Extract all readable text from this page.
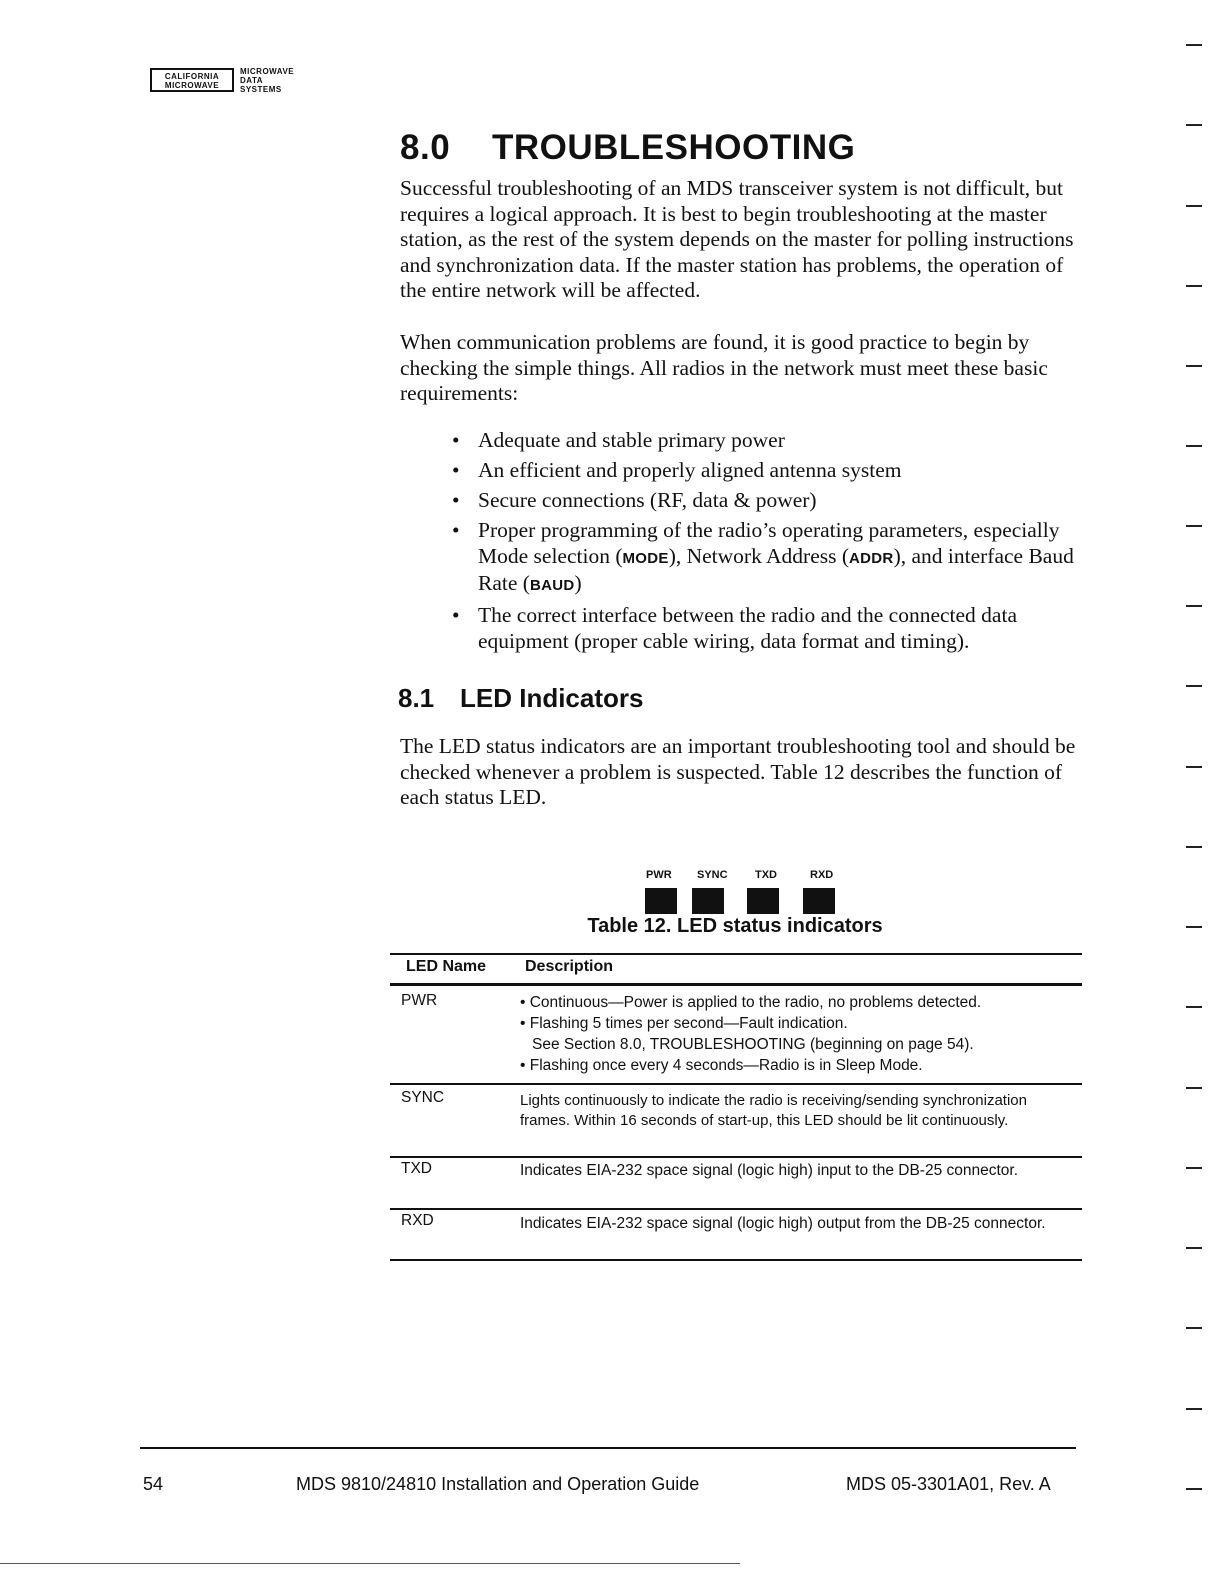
CALIFORNIA
MICROWAVE
MICROWAVE
DATA
SYSTEMS
8.0 TROUBLESHOOTING

Successful troubleshooting of an MDS transceiver system is not difficult, but requires a logical approach. It is best to begin troubleshooting at the master station, as the rest of the system depends on the master for polling instructions and synchronization data. If the master station has problems, the operation of the entire network will be affected.

When communication problems are found, it is good practice to begin by checking the simple things. All radios in the network must meet these basic requirements:

• Adequate and stable primary power
• An efficient and properly aligned antenna system
• Secure connections (RF, data & power)
• Proper programming of the radio’s operating parameters, especially Mode selection (MODE), Network Address (ADDR), and interface Baud Rate (BAUD)
• The correct interface between the radio and the connected data equipment (proper cable wiring, data format and timing).
8.1 LED Indicators

The LED status indicators are an important troubleshooting tool and should be checked whenever a problem is suspected. Table 12 describes the function of each status LED.

PWR SYNC TXD	RXD

Table 12. LED status indicators

LED Name Description
PWR	• Continuous—Power is applied to the radio, no problems detected.
• Flashing 5 times per second—Fault indication.
See Section 8.0, TROUBLESHOOTING (beginning on page 54).
• Flashing once every 4 seconds—Radio is in Sleep Mode.
SYNC	Lights continuously to indicate the radio is receiving/sending synchronization frames. Within 16 seconds of start-up, this LED should be lit continuously.
TXD	Indicates EIA-232 space signal (logic high) input to the DB-25 connector.
RXD	Indicates EIA-232 space signal (logic high) output from the DB-25 connector.
54	MDS 9810/24810 Installation and Operation Guide	MDS 05-3301A01, Rev. A
